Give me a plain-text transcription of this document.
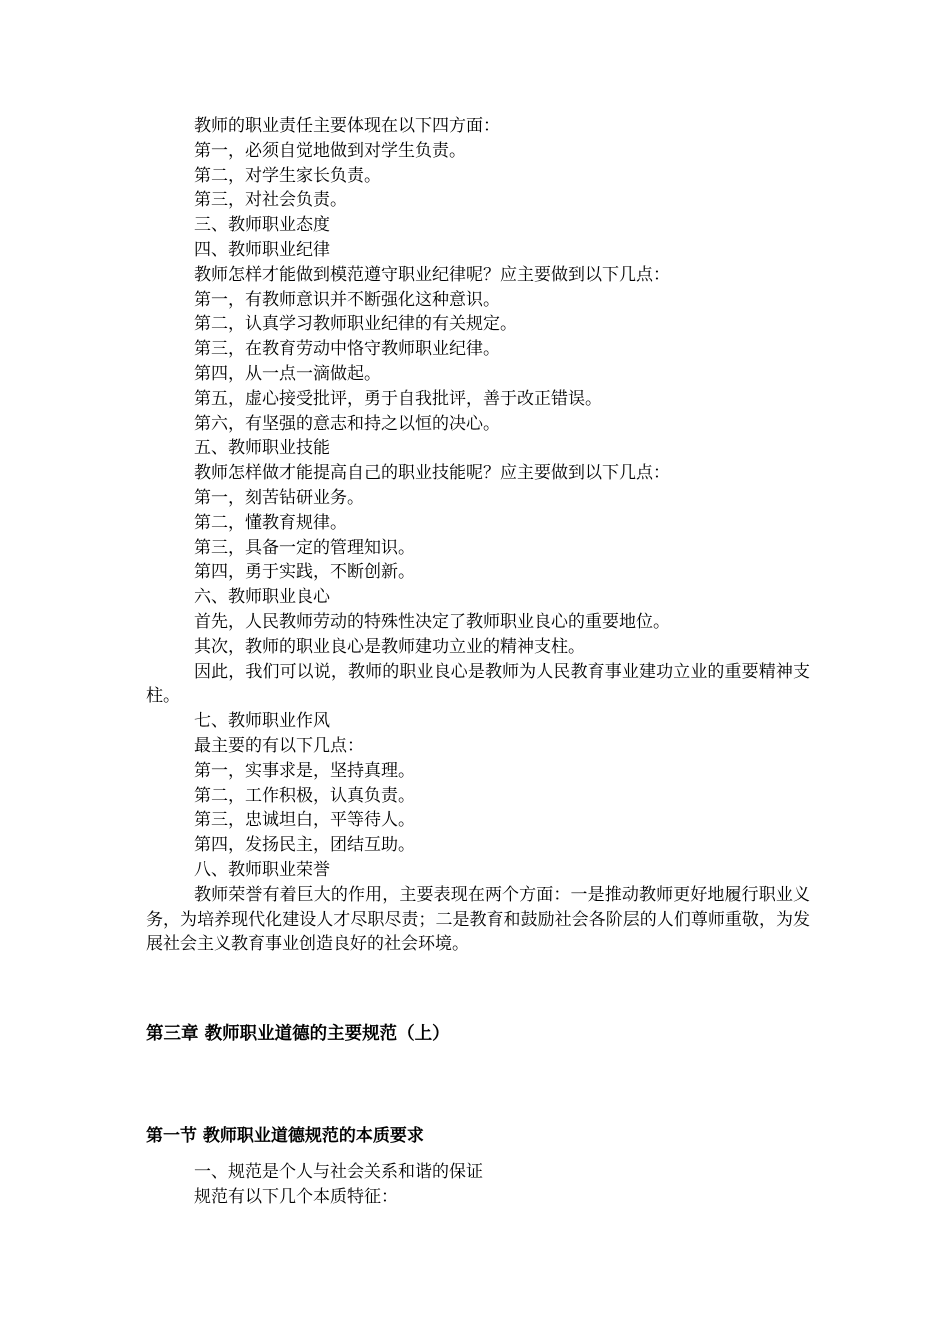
教师的职业责任主要体现在以下四方面：

第一，必须自觉地做到对学生负责。

第二，对学生家长负责。

第三，对社会负责。

三、教师职业态度

四、教师职业纪律

教师怎样才能做到模范遵守职业纪律呢？应主要做到以下几点：

第一，有教师意识并不断强化这种意识。

第二，认真学习教师职业纪律的有关规定。

第三，在教育劳动中恪守教师职业纪律。

第四，从一点一滴做起。

第五，虚心接受批评，勇于自我批评，善于改正错误。

第六，有坚强的意志和持之以恒的决心。

五、教师职业技能

教师怎样做才能提高自己的职业技能呢？应主要做到以下几点：

第一，刻苦钻研业务。

第二，懂教育规律。

第三，具备一定的管理知识。

第四，勇于实践，不断创新。

六、教师职业良心

首先，人民教师劳动的特殊性决定了教师职业良心的重要地位。

其次，教师的职业良心是教师建功立业的精神支柱。

因此，我们可以说，教师的职业良心是教师为人民教育事业建功立业的重要精神支柱。

七、教师职业作风

最主要的有以下几点：

第一，实事求是，坚持真理。

第二，工作积极，认真负责。

第三，忠诚坦白，平等待人。

第四，发扬民主，团结互助。

八、教师职业荣誉

教师荣誉有着巨大的作用，主要表现在两个方面：一是推动教师更好地履行职业义务，为培养现代化建设人才尽职尽责；二是教育和鼓励社会各阶层的人们尊师重敬，为发展社会主义教育事业创造良好的社会环境。

第三章 教师职业道德的主要规范（上）
第一节 教师职业道德规范的本质要求

一、规范是个人与社会关系和谐的保证

规范有以下几个本质特征：
